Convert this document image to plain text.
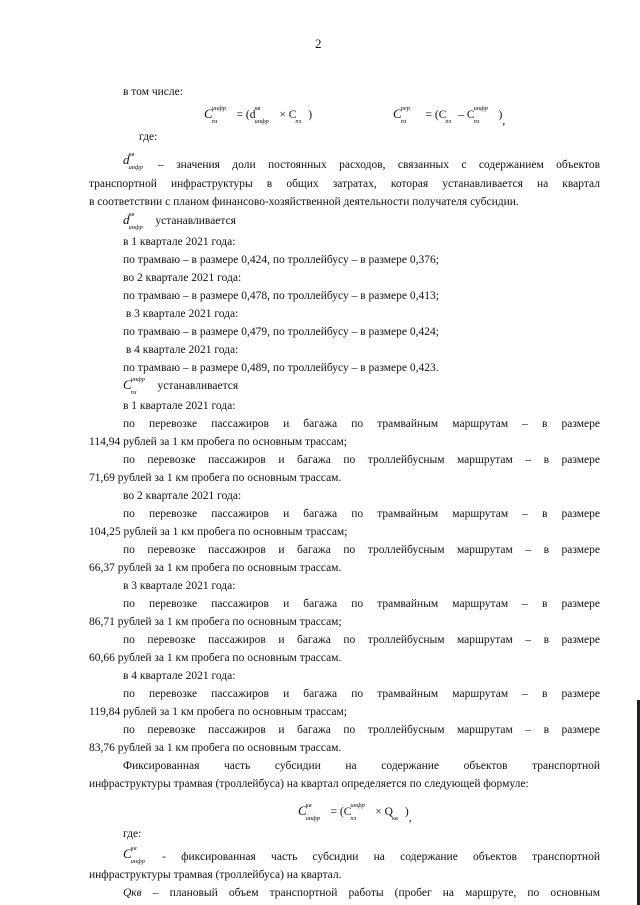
2
в том числе:
C инфр
пз
= (d
кв
инфр
× C
пз
)	C пер
пз
= (C
пз
– C
инфр
пз
),
где:
d кв
инфр – значения доли постоянных расходов, связанных с содержанием объектов
транспортной инфраструктуры в общих затратах, которая устанавливается на квартал
в соответствии с планом финансово-хозяйственной деятельности получателя субсидии.
d кв
инфр
устанавливается
в 1 квартале 2021 года:
по трамваю – в размере 0,424, по троллейбусу – в размере 0,376;
во 2 квартале 2021 года:
по трамваю – в размере 0,478, по троллейбусу – в размере 0,413;
в 3 квартале 2021 года:
по трамваю – в размере 0,479, по троллейбусу – в размере 0,424;
в 4 квартале 2021 года:
по трамваю – в размере 0,489, по троллейбусу – в размере 0,423.
C инфр
пз
устанавливается
в 1 квартале 2021 года:
по перевозке пассажиров и багажа по трамвайным маршрутам – в размере
114,94 рублей за 1 км пробега по основным трассам;
по перевозке пассажиров и багажа по троллейбусным маршрутам – в размере
71,69 рублей за 1 км пробега по основным трассам.
во 2 квартале 2021 года:
по перевозке пассажиров и багажа по трамвайным маршрутам – в размере
104,25 рублей за 1 км пробега по основным трассам;
по перевозке пассажиров и багажа по троллейбусным маршрутам – в размере
66,37 рублей за 1 км пробега по основным трассам.
в 3 квартале 2021 года:
по перевозке пассажиров и багажа по трамвайным маршрутам – в размере
86,71 рублей за 1 км пробега по основным трассам;
по перевозке пассажиров и багажа по троллейбусным маршрутам – в размере
60,66 рублей за 1 км пробега по основным трассам.
в 4 квартале 2021 года:
по перевозке пассажиров и багажа по трамвайным маршрутам – в размере
119,84 рублей за 1 км пробега по основным трассам;
по перевозке пассажиров и багажа по троллейбусным маршрутам – в размере
83,76 рублей за 1 км пробега по основным трассам.
Фиксированная часть субсидии на содержание объектов транспортной
инфраструктуры трамвая (троллейбуса) на квартал определяется по следующей формуле:
C кв
инфр
= (C
инфр
пз
× Q
кв
),
где:
C кв
инфр - фиксированная часть субсидии на содержание объектов транспортной
инфраструктуры трамвая (троллейбуса) на квартал.
Qкв – плановый объем транспортной работы (пробег на маршруте, по основным
